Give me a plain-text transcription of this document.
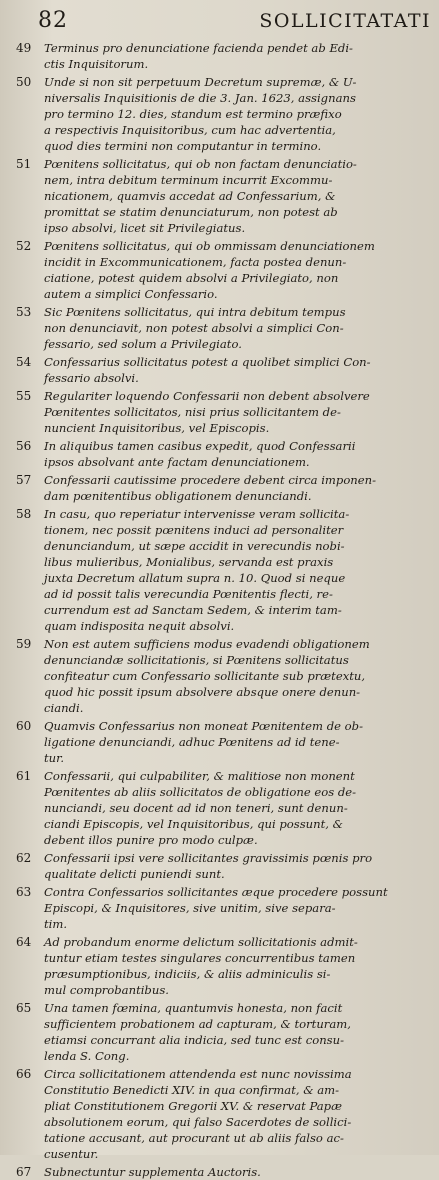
82	SOLLICITATATI
49	Terminus pro denunciatione facienda pendet ab Edi-
ctis Inquisitorum.
50	Unde si non sit perpetuum Decretum supremæ, & U-
niversalis Inquisitionis de die 3. Jan. 1623, assignans
pro termino 12. dies, standum est termino præfixo
a respectivis Inquisitoribus, cum hac advertentia,
quod dies termini non computantur in termino.
51	Pœnitens sollicitatus, qui ob non factam denunciatio-
nem, intra debitum terminum incurrit Excommu-
nicationem, quamvis accedat ad Confessarium, &
promittat se statim denunciaturum, non potest ab
ipso absolvi, licet sit Privilegiatus.
52	Pœnitens sollicitatus, qui ob ommissam denunciationem
incidit in Excommunicationem, facta postea denun-
ciatione, potest quidem absolvi a Privilegiato, non
autem a simplici Confessario.
53	Sic Pœnitens sollicitatus, qui intra debitum tempus
non denunciavit, non potest absolvi a simplici Con-
fessario, sed solum a Privilegiato.
54	Confessarius sollicitatus potest a quolibet simplici Con-
fessario absolvi.
55	Regulariter loquendo Confessarii non debent absolvere
Pœnitentes sollicitatos, nisi prius sollicitantem de-
nuncient Inquisitoribus, vel Episcopis.
56	In aliquibus tamen casibus expedit, quod Confessarii
ipsos absolvant ante factam denunciationem.
57	Confessarii cautissime procedere debent circa imponen-
dam pœnitentibus obligationem denunciandi.
58	In casu, quo reperiatur intervenisse veram sollicita-
tionem, nec possit pœnitens induci ad personaliter
denunciandum, ut sæpe accidit in verecundis nobi-
libus mulieribus, Monialibus, servanda est praxis
juxta Decretum allatum supra n. 10. Quod si neque
ad id possit talis verecundia Pœnitentis flecti, re-
currendum est ad Sanctam Sedem, & interim tam-
quam indisposita nequit absolvi.
59	Non est autem sufficiens modus evadendi obligationem
denunciandæ sollicitationis, si Pœnitens sollicitatus
confiteatur cum Confessario sollicitante sub prætextu,
quod hic possit ipsum absolvere absque onere denun-
ciandi.
60	Quamvis Confessarius non moneat Pœnitentem de ob-
ligatione denunciandi, adhuc Pœnitens ad id tene-
tur.
61	Confessarii, qui culpabiliter, & malitiose non monent
Pœnitentes ab aliis sollicitatos de obligatione eos de-
nunciandi, seu docent ad id non teneri, sunt denun-
ciandi Episcopis, vel Inquisitoribus, qui possunt, &
debent illos punire pro modo culpæ.
62	Confessarii ipsi vere sollicitantes gravissimis pœnis pro
qualitate delicti puniendi sunt.
63	Contra Confessarios sollicitantes æque procedere possunt
Episcopi, & Inquisitores, sive unitim, sive separa-
tim.
64	Ad probandum enorme delictum sollicitationis admit-
tuntur etiam testes singulares concurrentibus tamen
præsumptionibus, indiciis, & aliis adminiculis si-
mul comprobantibus.
65	Una tamen fœmina, quantumvis honesta, non facit
sufficientem probationem ad capturam, & torturam,
etiamsi concurrant alia indicia, sed tunc est consu-
lenda S. Cong.
66	Circa sollicitationem attendenda est nunc novissima
Constitutio Benedicti XIV. in qua confirmat, & am-
pliat Constitutionem Gregorii XV. & reservat Papæ
absolutionem eorum, qui falso Sacerdotes de sollici-
tatione accusant, aut procurant ut ab aliis falso ac-
cusentur.
67	Subnectuntur supplementa Auctoris.
